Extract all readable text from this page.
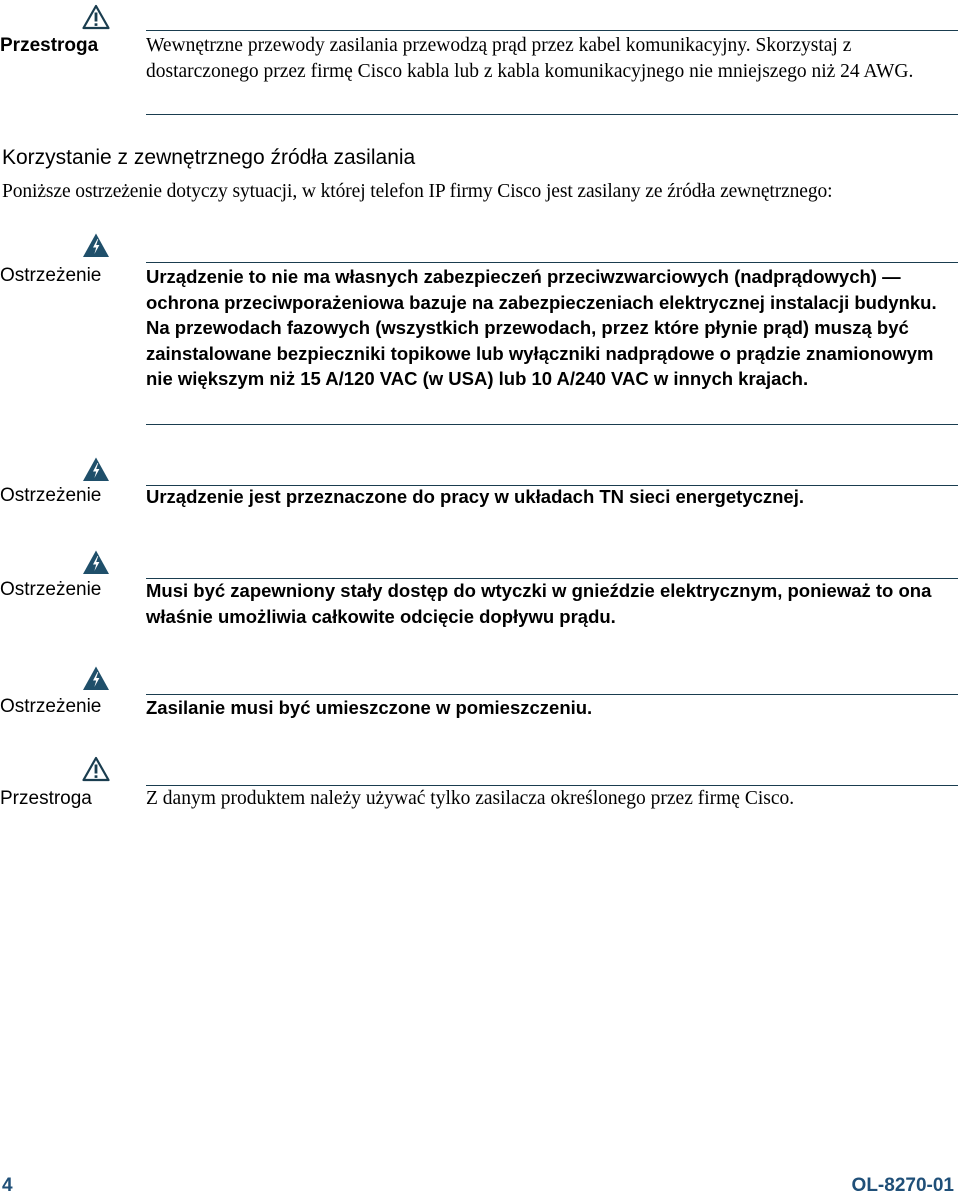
Przestroga Wewnętrzne przewody zasilania przewodzą prąd przez kabel komunikacyjny. Skorzystaj z dostarczonego przez firmę Cisco kabla lub z kabla komunikacyjnego nie mniejszego niż 24 AWG.
Korzystanie z zewnętrznego źródła zasilania
Poniższe ostrzeżenie dotyczy sytuacji, w której telefon IP firmy Cisco jest zasilany ze źródła zewnętrznego:
Ostrzeżenie Urządzenie to nie ma własnych zabezpieczeń przeciwzwarciowych (nadprądowych) — ochrona przeciwporażeniowa bazuje na zabezpieczeniach elektrycznej instalacji budynku. Na przewodach fazowych (wszystkich przewodach, przez które płynie prąd) muszą być zainstalowane bezpieczniki topikowe lub wyłączniki nadprądowe o prądzie znamionowym nie większym niż 15 A/120 VAC (w USA) lub 10 A/240 VAC w innych krajach.
Ostrzeżenie Urządzenie jest przeznaczone do pracy w układach TN sieci energetycznej.
Ostrzeżenie Musi być zapewniony stały dostęp do wtyczki w gnieździe elektrycznym, ponieważ to ona właśnie umożliwia całkowite odcięcie dopływu prądu.
Ostrzeżenie Zasilanie musi być umieszczone w pomieszczeniu.
Przestroga	Z danym produktem należy używać tylko zasilacza określonego przez firmę Cisco.
4	OL-8270-01
